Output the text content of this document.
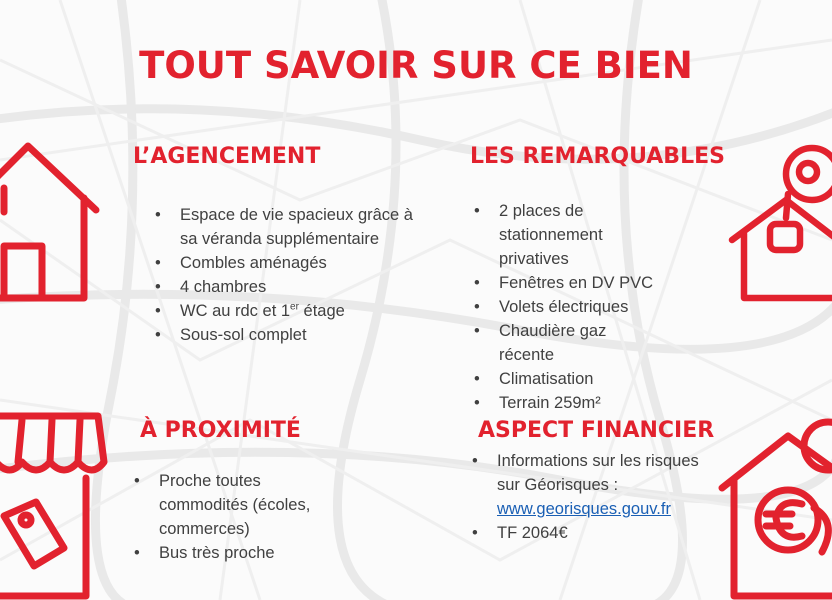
TOUT SAVOIR SUR CE BIEN
L’AGENCEMENT
• Espace de vie spacieux grâce à sa véranda supplémentaire
• Combles aménagés
• 4 chambres
• WC au rdc et 1er étage
• Sous-sol complet
LES REMARQUABLES
• 2 places de stationnement privatives
• Fenêtres en DV PVC
• Volets électriques
• Chaudière gaz récente
• Climatisation
• Terrain 259m²
À PROXIMITÉ
• Proche toutes commodités (écoles, commerces)
• Bus très proche
ASPECT FINANCIER
• Informations sur les risques sur Géorisques :
www.georisques.gouv.fr
• TF 2064€
